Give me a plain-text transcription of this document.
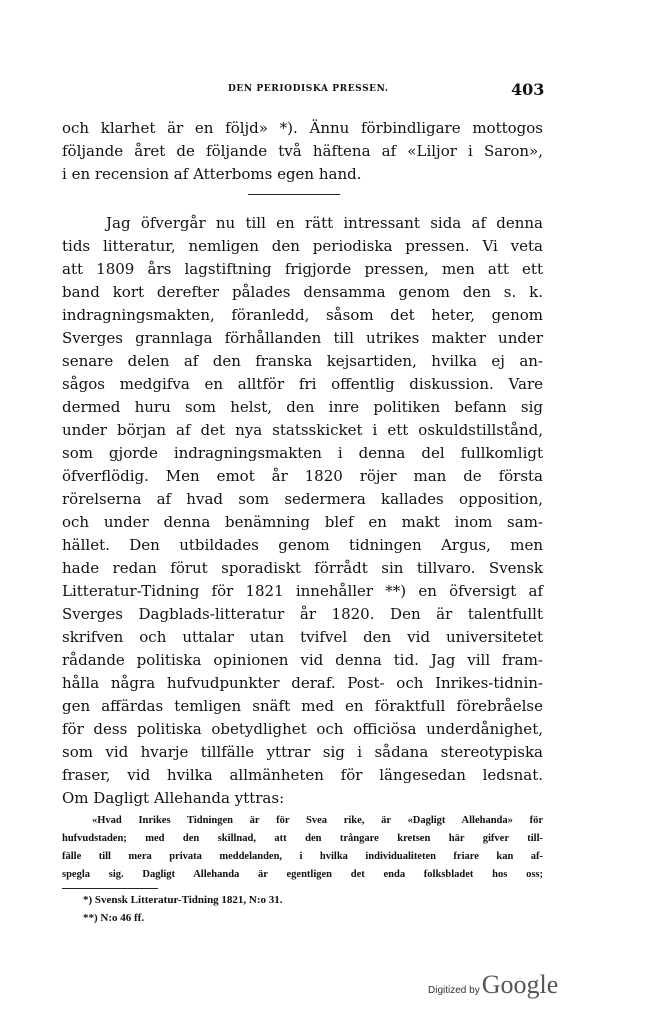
DEN PERIODISKA PRESSEN.	403
och klarhet är en följd» *). Ännu förbindligare mottogos
följande året de följande två häftena af «Liljor i Saron»,
i en recension af Atterboms egen hand.
Jag öfvergår nu till en rätt intressant sida af denna
tids litteratur, nemligen den periodiska pressen. Vi veta
att 1809 års lagstiftning frigjorde pressen, men att ett
band kort derefter pålades densamma genom den s. k.
indragningsmakten, föranledd, såsom det heter, genom
Sverges grannlaga förhållanden till utrikes makter under
senare delen af den franska kejsartiden, hvilka ej an-
sågos medgifva en alltför fri offentlig diskussion. Vare
dermed huru som helst, den inre politiken befann sig
under början af det nya statsskicket i ett oskuldstillstånd,
som gjorde indragningsmakten i denna del fullkomligt
öfverflödig. Men emot år 1820 röjer man de första
rörelserna af hvad som sedermera kallades opposition,
och under denna benämning blef en makt inom sam-
hället. Den utbildades genom tidningen Argus, men
hade redan förut sporadiskt förrådt sin tillvaro. Svensk
Litteratur-Tidning för 1821 innehåller **) en öfversigt af
Sverges Dagblads-litteratur år 1820. Den är talentfullt
skrifven och uttalar utan tvifvel den vid universitetet
rådande politiska opinionen vid denna tid. Jag vill fram-
hålla några hufvudpunkter deraf. Post- och Inrikes-tidnin-
gen affärdas temligen snäft med en föraktfull förebråelse
för dess politiska obetydlighet och officiösa underdånighet,
som vid hvarje tillfälle yttrar sig i sådana stereotypiska
fraser, vid hvilka allmänheten för längesedan ledsnat.
Om Dagligt Allehanda yttras:
«Hvad Inrikes Tidningen är för Svea rike, är «Dagligt Allehanda» för
hufvudstaden; med den skillnad, att den trångare kretsen här gifver till-
fälle till mera privata meddelanden, i hvilka individualiteten friare kan af-
spegla sig. Dagligt Allehanda är egentligen det enda folksbladet hos oss;
*) Svensk Litteratur-Tidning 1821, N:o 31.
**) N:o 46 ff.
Digitized byGoogle
